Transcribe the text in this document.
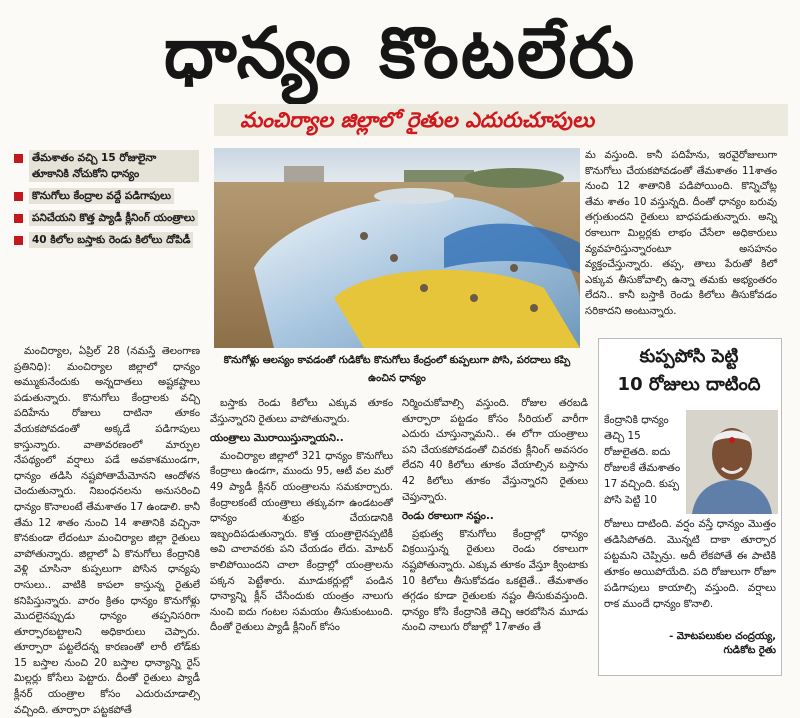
ధాన్యం కొంటలేరు
మంచిర్యాల జిల్లాలో రైతుల ఎదురుచూపులు
తేమశాతం వచ్చి 15 రోజులైనా తూకానికి నోచుకోని ధాన్యం
కొనుగోలు కేంద్రాల వద్దే పడిగాపులు
పనిచేయని కొత్త ప్యాడీ క్లీనింగ్ యంత్రాలు
40 కిలోల బస్తాకు రెండు కిలోలు దోపిడీ

మంచిర్యాల, ఏప్రిల్ 28 (నమస్తే తెలంగాణ ప్రతినిధి): మంచిర్యాల జిల్లాలో ధాన్యం అమ్ముకునేందుకు అన్నదాతలు అష్టకష్టాలు పడుతున్నారు. కొనుగోలు కేంద్రాలకు వచ్చి పదిహేను రోజులు దాటినా తూకం వేయకపోవడంతో అక్కడే పడిగాపులు కాస్తున్నారు. వాతావరణంలో మార్పుల నేపథ్యంలో వర్షాలు పడే అవకాశముండగా, ధాన్యం తడిసి నష్టపోతామేమోనని ఆందోళన చెందుతున్నారు. నిబంధనలను అనుసరించి ధాన్యం కొనాలంటే తేమశాతం 17 ఉండాలి. కానీ తేమ 12 శాతం నుంచి 14 శాతానికి వచ్చినా కొనకుండా లేదంటూ మంచిర్యాల జిల్లా రైతులు వాపోతున్నారు. జిల్లాలో ఏ కొనుగోలు కేంద్రానికి వెళ్లి చూసినా కుప్పలుగా పోసిన ధాన్యపు రాసులు.. వాటికి కాపలా కాస్తున్న రైతులే కనిపిస్తున్నారు. వారం క్రితం ధాన్యం కొనుగోళ్లు మొదలైనప్పుడు ధాన్యం తప్పనిసరిగా తూర్పారబట్టాలని అధికారులు చెప్పారు. తూర్పారా పట్టలేదన్న కారణంతో లారీ లోడ్‌కు 15 బస్తాల నుంచి 20 బస్తాల ధాన్యాన్ని రైస్ మిల్లర్లు కోసేలు పెట్టారు. దీంతో రైతులు ప్యాడీ క్లీనర్ యంత్రాల కోసం ఎదురుచూడాల్సి వచ్చింది. తూర్పారా పట్టకపోతే

కొనుగోళ్లు ఆలస్యం కావడంతో గుడికోట కొనుగోలు కేంద్రంలో కుప్పలుగా పోసి, పరదాలు కప్పి ఉంచిన ధాన్యం

బస్తాకు రెండు కిలోలు ఎక్కువ తూకం వేస్తున్నారని రైతులు వాపోతున్నారు.

యంత్రాలు మొరాయిస్తున్నాయని..

మంచిర్యాల జిల్లాలో 321 ధాన్యం కొనుగోలు కేంద్రాలు ఉండగా, ముందు 95, ఆటీ వల మరో 49 ప్యాడీ క్లీనర్ యంత్రాలను సమకూర్చారు. కేంద్రాలకంటే యంత్రాలు తక్కువగా ఉండటంతో ధాన్యం శుభ్రం చేయడానికి ఇబ్బందిపడుతున్నారు. కొత్త యంత్రాలైనప్పటికీ అవి చాలావరకు పని చేయడం లేదు. మోటర్ కాలిపోయిందని చాలా కేంద్రాల్లో యంత్రాలను పక్కన పెట్టేశారు. మూడుకర్లుల్లో పండిన ధాన్యాన్ని క్లీన్ చేసేందుకు యంత్రం నాలుగు నుంచి ఐదు గంటల సమయం తీసుకుంటుంది. దీంతో రైతులు ప్యాడీ క్లీనింగ్ కోసం

మ వస్తుంది. కానీ పదిహేను, ఇరవైరోజులుగా కొనుగోలు చేయకపోవడంతో తేమశాతం 11శాతం నుంచి 12 శాతానికి పడిపోయింది. కొన్నిచోట్ల తేమ శాతం 10 వస్తున్నది. దీంతో ధాన్యం బరువు తగ్గుతుందని రైతులు బాధపడుతున్నారు. అన్ని రకాలుగా మిల్లర్లకు లాభం చేసేలా అధికారులు వ్యవహరిస్తున్నారంటూ అసహనం వ్యక్తంచేస్తున్నారు. తప్ప, తాలు పేరుతో కిలో ఎక్కువ తీసుకోవాల్సి ఉన్నా తమకు అభ్యంతరం లేదని.. కానీ బస్తాకి రెండు కిలోలు తీసుకోవడం సరికాదని అంటున్నారు.

నిర్మించుకోవాల్సి వస్తుంది. రోజుల తరబడి తూర్పారా పట్టడం కోసం సీరియల్ వారీగా ఎదురు చూస్తున్నామని.. ఈ లోగా యంత్రాలు పని చేయకపోవడంతో చివరకు క్లీనింగ్ అవసరం లేదని 40 కిలోలు తూకం వేయాల్సిన బస్తాను 42 కిలోలు తూకం వేస్తున్నారని రైతులు చెప్తున్నారు.

రెండు రకాలుగా నష్టం..

ప్రభుత్వ కొనుగోలు కేంద్రాల్లో ధాన్యం విక్రయిస్తున్న రైతులు రెండు రకాలుగా నష్టపోతున్నారు. ఎక్కువ తూకం వేస్తూ క్వింటాకు 10 కిలోలు తీసుకోవడం ఒకటైతే.. తేమశాతం తగ్గడం కూడా రైతులకు నష్టం తీసుకువస్తుంది. ధాన్యం కోసి కేంద్రానికి తెచ్చి ఆరబోసిన మూడు నుంచి నాలుగు రోజుల్లో 17శాతం తే

కుప్పపోసి పెట్టి
10 రోజులు దాటింది
కేంద్రానికి ధాన్యం తెచ్చి 15 రోజులైతది. ఐదు రోజులకే తేమశాతం 17 వచ్చింది. కుప్ప పోసి పెట్టి 10
రోజులు దాటింది. వర్షం వస్తే ధాన్యం మొత్తం తడిసిపోతది. మొన్నటి దాకా తూర్పార పట్టమని చెప్పిన్రు. అదీ లేకపోతే ఈ పాటికి తూకం అయిపోయేది. పది రోజులుగా రోజూ పడిగాపులు కాయాల్సి వస్తుంది. వర్షాలు రాక ముందే ధాన్యం కొనాలి.
- మోటపలుకుల చంద్రయ్య,
గుడికోట రైతు
